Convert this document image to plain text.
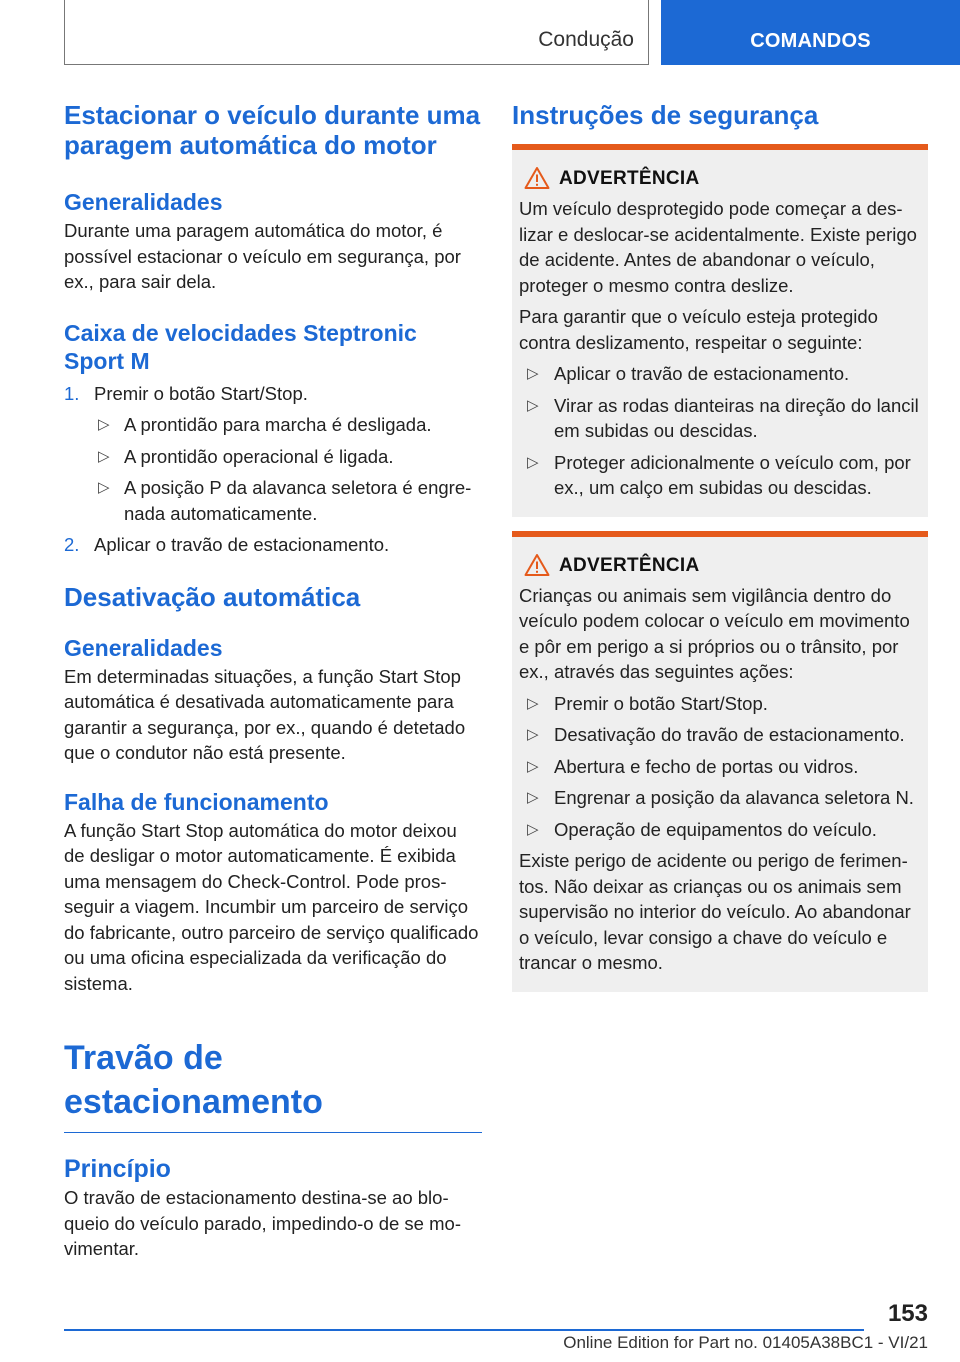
Condução	COMANDOS
Estacionar o veículo durante uma paragem automática do motor
Generalidades

Durante uma paragem automática do motor, é possível estacionar o veículo em segurança, por ex., para sair dela.

Caixa de velocidades Steptronic Sport M
1. Premir o botão Start/Stop.
▷ A prontidão para marcha é desligada.
▷ A prontidão operacional é ligada.
▷ A posição P da alavanca seletora é engrenada automaticamente.
2. Aplicar o travão de estacionamento.
Desativação automática
Generalidades

Em determinadas situações, a função Start Stop automática é desativada automaticamente para garantir a segurança, por ex., quando é detetado que o condutor não está presente.

Falha de funcionamento

A função Start Stop automática do motor deixou de desligar o motor automaticamente. É exibida uma mensagem do Check-Control. Pode prosseguir a viagem. Incumbir um parceiro de serviço do fabricante, outro parceiro de serviço qualificado ou uma oficina especializada da verificação do sistema.

Travão de estacionamento
Princípio

O travão de estacionamento destina-se ao bloqueio do veículo parado, impedindo-o de se movimentar.

Instruções de segurança
ADVERTÊNCIA

Um veículo desprotegido pode começar a deslizar e deslocar-se acidentalmente. Existe perigo de acidente. Antes de abandonar o veículo, proteger o mesmo contra deslize.

Para garantir que o veículo esteja protegido contra deslizamento, respeitar o seguinte:

▷ Aplicar o travão de estacionamento.
▷ Virar as rodas dianteiras na direção do lancil em subidas ou descidas.
▷ Proteger adicionalmente o veículo com, por ex., um calço em subidas ou descidas.
ADVERTÊNCIA

Crianças ou animais sem vigilância dentro do veículo podem colocar o veículo em movimento e pôr em perigo a si próprios ou o trânsito, por ex., através das seguintes ações:

▷ Premir o botão Start/Stop.
▷ Desativação do travão de estacionamento.
▷ Abertura e fecho de portas ou vidros.
▷ Engrenar a posição da alavanca seletora N.
▷ Operação de equipamentos do veículo.

Existe perigo de acidente ou perigo de ferimentos. Não deixar as crianças ou os animais sem supervisão no interior do veículo. Ao abandonar o veículo, levar consigo a chave do veículo e trancar o mesmo.

153
Online Edition for Part no. 01405A38BC1 - VI/21
